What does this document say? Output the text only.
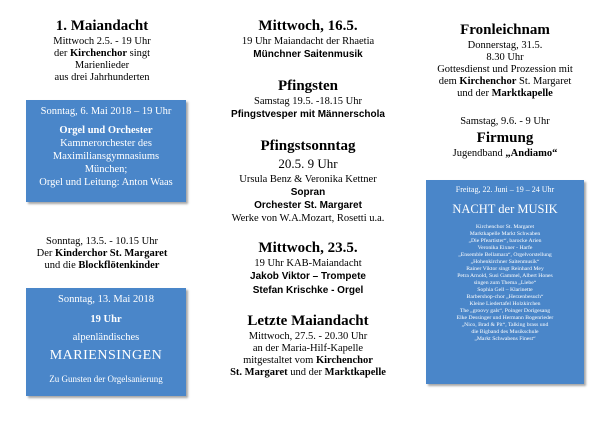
1. Maiandacht
Mittwoch 2.5. - 19 Uhr
der Kirchenchor singt
Marienlieder
aus drei Jahrhunderten
Sonntag, 6. Mai 2018 – 19 Uhr
Orgel und Orchester
Kammerorchester des
Maximiliansgymnasiums
München;
Orgel und Leitung: Anton Waas
Sonntag, 13.5. - 10.15 Uhr
Der Kinderchor St. Margaret
und die Blockflötenkinder
Sonntag, 13. Mai 2018
19 Uhr
alpenländisches
MARIENSINGEN
Zu Gunsten der Orgelsanierung
Mittwoch, 16.5.
19 Uhr Maiandacht der Rhaetia
Münchner Saitenmusik
Pfingsten
Samstag 19.5. -18.15 Uhr
Pfingstvesper mit Männerschola
Pfingstsonntag
20.5. 9 Uhr
Ursula Benz & Veronika Kettner
Sopran
Orchester St. Margaret
Werke von W.A.Mozart, Rosetti u.a.
Mittwoch, 23.5.
19 Uhr KAB-Maiandacht
Jakob Viktor – Trompete
Stefan Krischke - Orgel
Letzte Maiandacht
Mittwoch, 27.5. - 20.30 Uhr
an der Maria-Hilf-Kapelle
mitgestaltet vom Kirchenchor
St. Margaret und der Marktkapelle
Fronleichnam
Donnerstag, 31.5.
8.30 Uhr
Gottesdienst und Prozession mit
dem Kirchenchor St. Margaret
und der Marktkapelle
Samstag, 9.6. - 9 Uhr
Firmung
Jugendband „Andiamo“
Freitag, 22. Juni – 19 – 24 Uhr
NACHT der MUSIK
Kirchenchor St. Margaret
Marktkapelle Markt Schwaben
„Die Pfeartister“, barocke Arien
Veronika Eixner - Harfe
„Ensemble Bellamara“, Orgelvorstellung
„Hohenkirchner Saitenmusik“
Rainer Viktor singt Reinhard Mey
Petra Arnold, Susi Gammel, Albert Hones
singen zum Thema „Liebe“
Sophia Gell – Klarinette
Barbershop-chor „Herzenbesuch“
Kleine Liedertafel Holzkirchen
The „groovy gals“, Poinger Dorigesang
Elke Dessinger und Hermann Bogenrieder
„Nico, Brad & Pit“, Talking brass und
die Bigband des Musikschule
„Markt Schwabens Finest“
